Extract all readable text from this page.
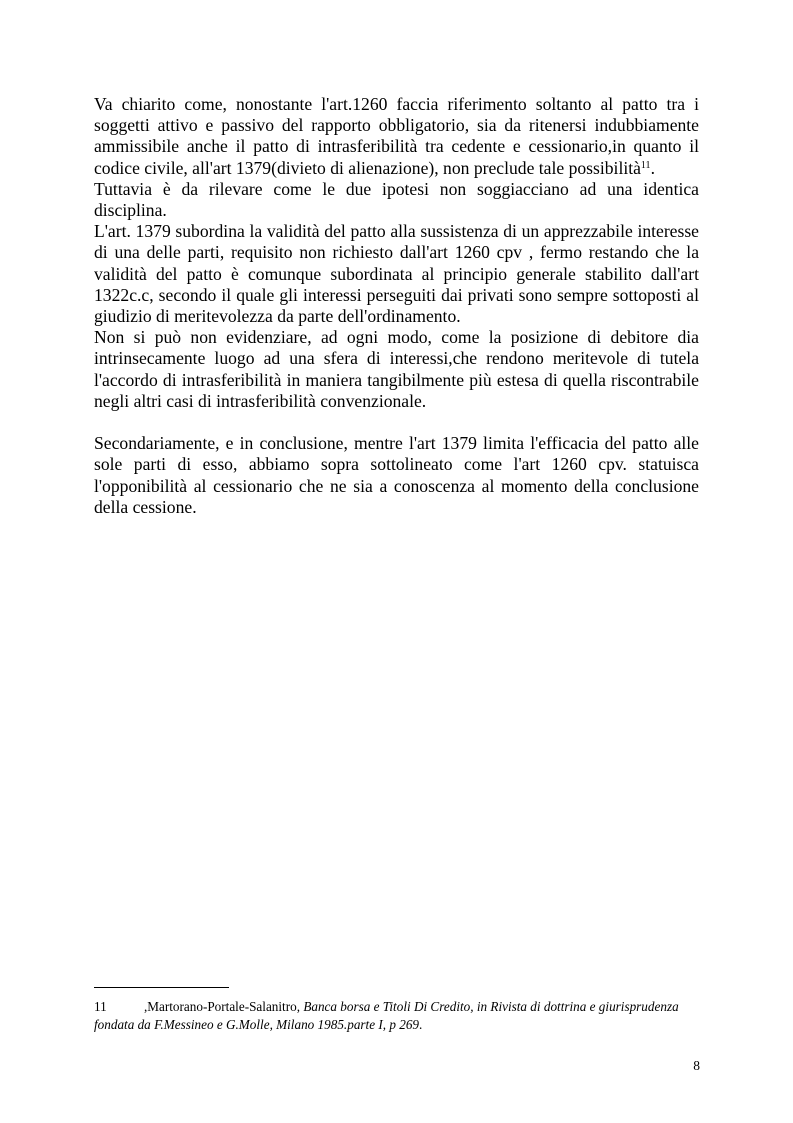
Va chiarito come, nonostante l'art.1260 faccia riferimento soltanto al patto tra i soggetti attivo e passivo del rapporto obbligatorio, sia da ritenersi indubbiamente ammissibile anche il patto di intrasferibilità tra cedente e cessionario,in quanto il codice civile, all'art 1379(divieto di alienazione), non preclude tale possibilità$^{11}$.

Tuttavia è da rilevare come le due ipotesi non soggiacciano ad una identica disciplina.

L'art. 1379 subordina la validità del patto alla sussistenza di un apprezzabile interesse di una delle parti, requisito non richiesto dall'art 1260 cpv , fermo restando che la validità del patto è comunque subordinata al principio generale stabilito dall'art 1322c.c, secondo il quale gli interessi perseguiti dai privati sono sempre sottoposti al giudizio di meritevolezza da parte dell'ordinamento.

Non si può non evidenziare, ad ogni modo, come la posizione di debitore dia intrinsecamente luogo ad una sfera di interessi,che rendono meritevole di tutela l'accordo di intrasferibilità in maniera tangibilmente più estesa di quella riscontrabile negli altri casi di intrasferibilità convenzionale.

Secondariamente, e in conclusione, mentre l'art 1379 limita l'efficacia del patto alle sole parti di esso, abbiamo sopra sottolineato come l'art 1260 cpv. statuisca l'opponibilità al cessionario che ne sia a conoscenza al momento della conclusione della cessione.

11	,Martorano-Portale-Salanitro, Banca borsa e Titoli Di Credito, in Rivista di dottrina e giurisprudenza fondata da F.Messineo e G.Molle, Milano 1985.parte I, p 269.
8
